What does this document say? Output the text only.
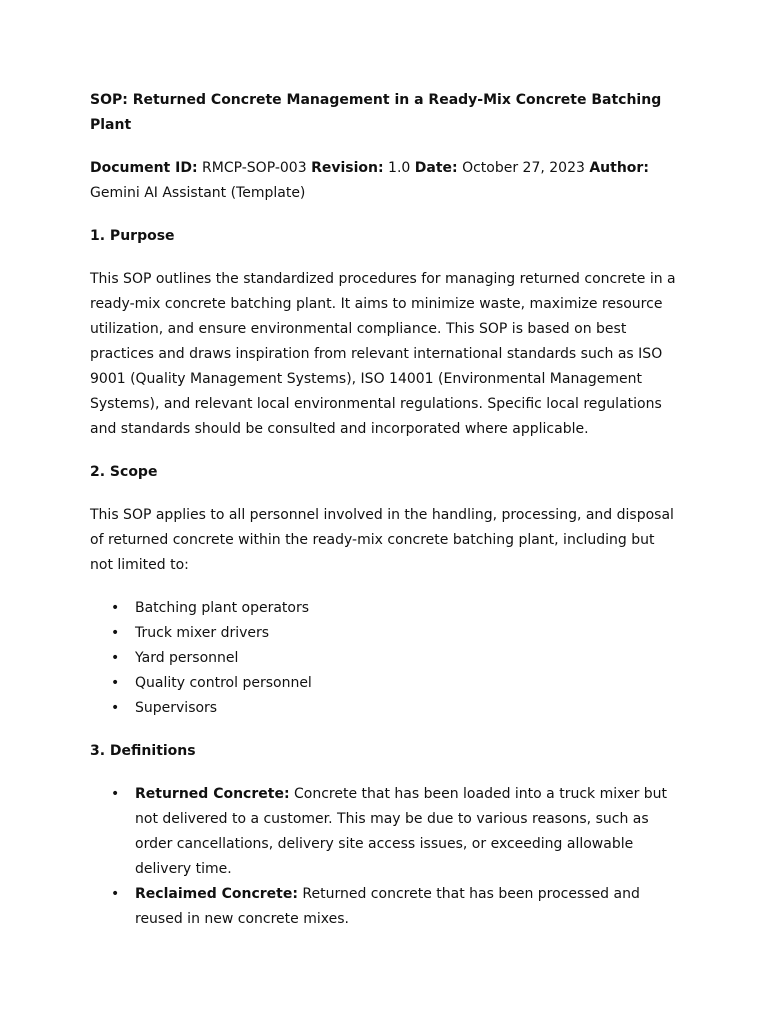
SOP: Returned Concrete Management in a Ready-Mix Concrete Batching Plant

Document ID: RMCP-SOP-003 Revision: 1.0 Date: October 27, 2023 Author: Gemini AI Assistant (Template)

1. Purpose

This SOP outlines the standardized procedures for managing returned concrete in a ready-mix concrete batching plant. It aims to minimize waste, maximize resource utilization, and ensure environmental compliance. This SOP is based on best practices and draws inspiration from relevant international standards such as ISO 9001 (Quality Management Systems), ISO 14001 (Environmental Management Systems), and relevant local environmental regulations. Specific local regulations and standards should be consulted and incorporated where applicable.

2. Scope

This SOP applies to all personnel involved in the handling, processing, and disposal of returned concrete within the ready-mix concrete batching plant, including but not limited to:

• Batching plant operators
• Truck mixer drivers
• Yard personnel
• Quality control personnel
• Supervisors

3. Definitions

• Returned Concrete: Concrete that has been loaded into a truck mixer but not delivered to a customer. This may be due to various reasons, such as order cancellations, delivery site access issues, or exceeding allowable delivery time.
• Reclaimed Concrete: Returned concrete that has been processed and reused in new concrete mixes.
